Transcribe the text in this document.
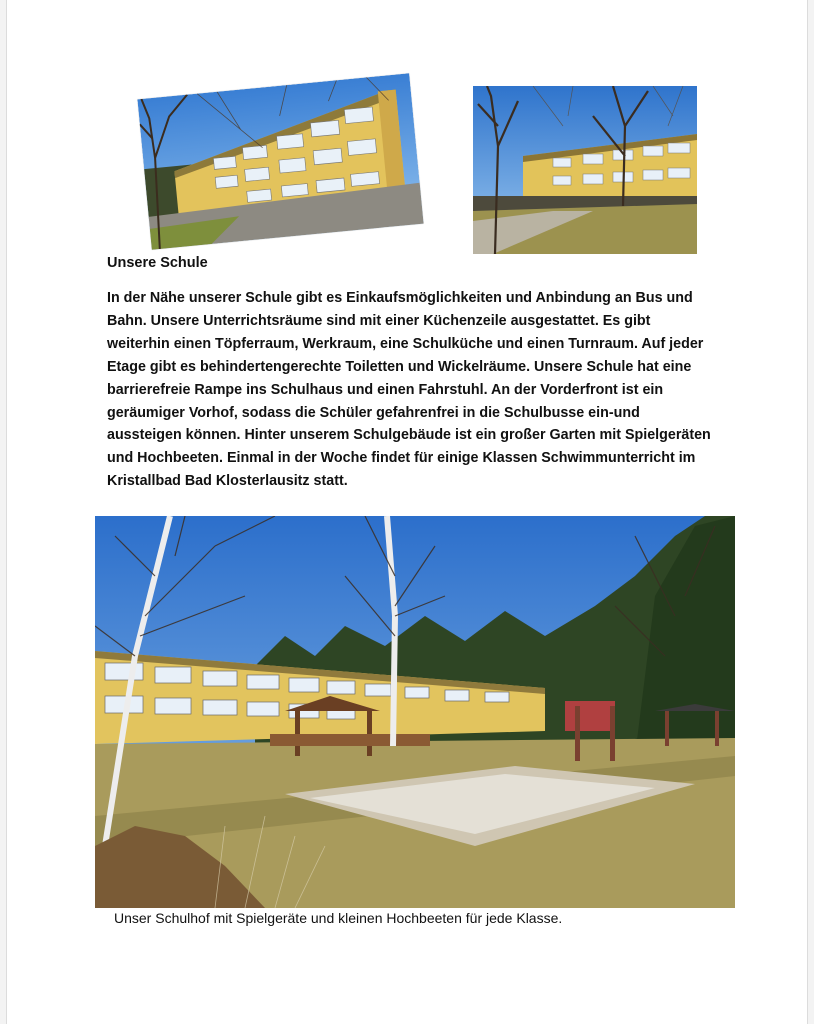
Unsere Schule

In der Nähe unserer Schule gibt es Einkaufsmöglichkeiten und Anbindung an Bus und Bahn. Unsere Unterrichtsräume sind mit einer Küchenzeile ausgestattet. Es gibt weiterhin einen Töpferraum, Werkraum, eine Schulküche und einen Turnraum. Auf jeder Etage gibt es behindertengerechte Toiletten und Wickelräume. Unsere Schule hat eine barrierefreie Rampe ins Schulhaus und einen Fahrstuhl. An der Vorderfront ist ein geräumiger Vorhof, sodass die Schüler gefahrenfrei in die Schulbusse ein-und aussteigen können. Hinter unserem Schulgebäude ist ein großer Garten mit Spielgeräten und Hochbeeten. Einmal in der Woche findet für einige Klassen Schwimmunterricht im Kristallbad Bad Klosterlausitz statt.

Unser Schulhof mit Spielgeräte und kleinen Hochbeeten für jede Klasse.
